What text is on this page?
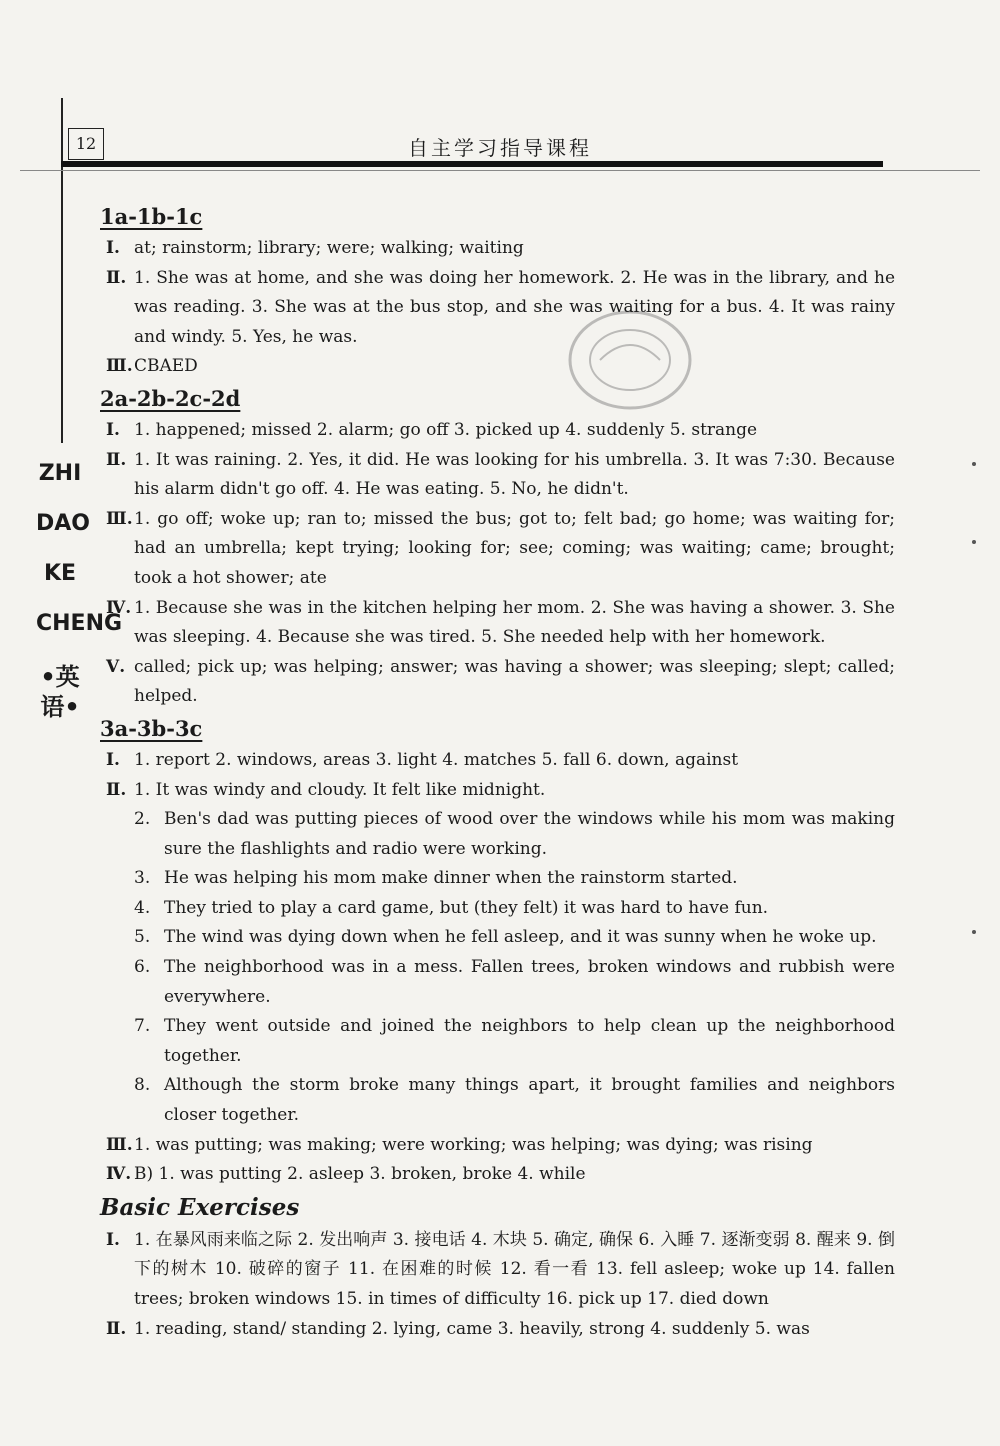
12	自主学习指导课程
ZHI
DAO
KE
CHENG
•英语•
1a-1b-1c
Ⅰ. at; rainstorm; library; were; walking; waiting
Ⅱ. 1. She was at home, and she was doing her homework. 2. He was in the library, and he was reading. 3. She was at the bus stop, and she was waiting for a bus. 4. It was rainy and windy. 5. Yes, he was.
Ⅲ. CBAED
2a-2b-2c-2d
Ⅰ. 1. happened; missed 2. alarm; go off 3. picked up 4. suddenly 5. strange
Ⅱ. 1. It was raining. 2. Yes, it did. He was looking for his umbrella. 3. It was 7:30. Because his alarm didn't go off. 4. He was eating. 5. No, he didn't.
Ⅲ. 1. go off; woke up; ran to; missed the bus; got to; felt bad; go home; was waiting for; had an umbrella; kept trying; looking for; see; coming; was waiting; came; brought; took a hot shower; ate
Ⅳ. 1. Because she was in the kitchen helping her mom. 2. She was having a shower. 3. She was sleeping. 4. Because she was tired. 5. She needed help with her homework.
Ⅴ. called; pick up; was helping; answer; was having a shower; was sleeping; slept; called; helped.
3a-3b-3c
Ⅰ. 1. report 2. windows, areas 3. light 4. matches 5. fall 6. down, against
Ⅱ. 1. It was windy and cloudy. It felt like midnight.
2. Ben's dad was putting pieces of wood over the windows while his mom was making sure the flashlights and radio were working.
3. He was helping his mom make dinner when the rainstorm started.
4. They tried to play a card game, but (they felt) it was hard to have fun.
5. The wind was dying down when he fell asleep, and it was sunny when he woke up.
6. The neighborhood was in a mess. Fallen trees, broken windows and rubbish were everywhere.
7. They went outside and joined the neighbors to help clean up the neighborhood together.
8. Although the storm broke many things apart, it brought families and neighbors closer together.
Ⅲ. 1. was putting; was making; were working; was helping; was dying; was rising
Ⅳ. B) 1. was putting 2. asleep 3. broken, broke 4. while
Basic Exercises
Ⅰ. 1. 在暴风雨来临之际 2. 发出响声 3. 接电话 4. 木块 5. 确定, 确保 6. 入睡 7. 逐渐变弱 8. 醒来 9. 倒下的树木 10. 破碎的窗子 11. 在困难的时候 12. 看一看 13. fell asleep; woke up 14. fallen trees; broken windows 15. in times of difficulty 16. pick up 17. died down
Ⅱ. 1. reading, stand/ standing 2. lying, came 3. heavily, strong 4. suddenly 5. was
